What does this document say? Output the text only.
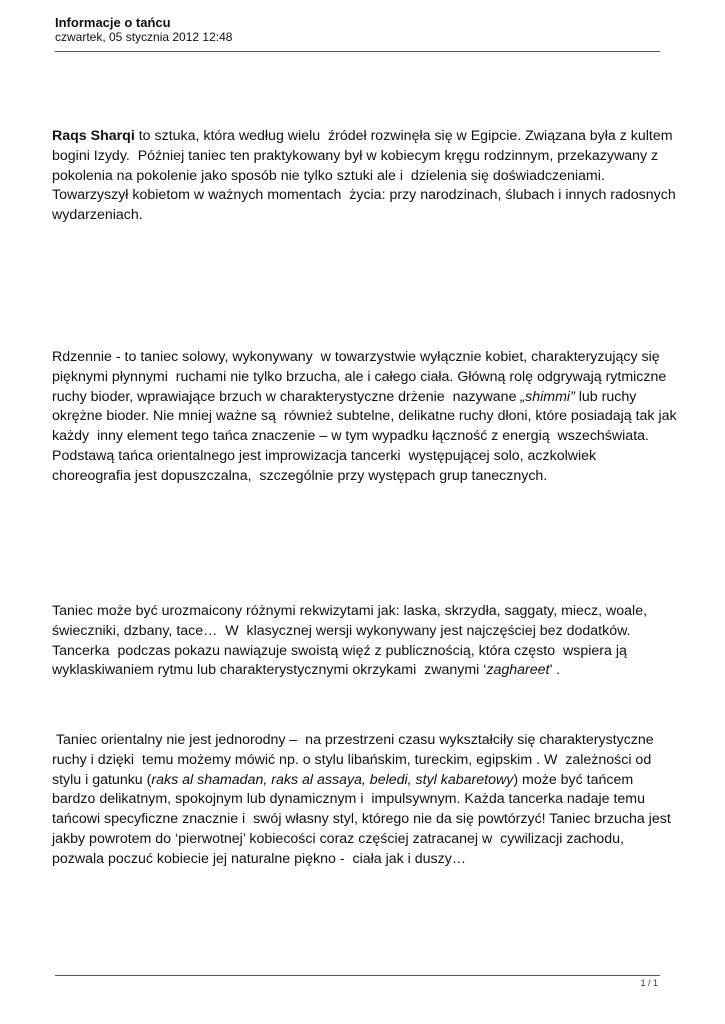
Informacje o tańcu

czwartek, 05 stycznia 2012 12:48

Raqs Sharqi to sztuka, która według wielu  źródeł rozwinęła się w Egipcie. Związana była z kultem bogini Izydy.  Później taniec ten praktykowany był w kobiecym kręgu rodzinnym, przekazywany z pokolenia na pokolenie jako sposób nie tylko sztuki ale i  dzielenia się doświadczeniami. Towarzyszył kobietom w ważnych momentach  życia: przy narodzinach, ślubach i innych radosnych wydarzeniach.

Rdzennie - to taniec solowy, wykonywany  w towarzystwie wyłącznie kobiet, charakteryzujący się pięknymi płynnymi  ruchami nie tylko brzucha, ale i całego ciała. Główną rolę odgrywają rytmiczne ruchy bioder, wprawiające brzuch w charakterystyczne drżenie  nazywane „shimmi” lub ruchy okrężne bioder. Nie mniej ważne są  również subtelne, delikatne ruchy dłoni, które posiadają tak jak każdy  inny element tego tańca znaczenie – w tym wypadku łączność z energią  wszechświata. Podstawą tańca orientalnego jest improwizacja tancerki  występującej solo, aczkolwiek choreografia jest dopuszczalna,  szczególnie przy występach grup tanecznych.

Taniec może być urozmaicony różnymi rekwizytami jak: laska, skrzydła, saggaty, miecz, woale, świeczniki, dzbany, tace…  W  klasycznej wersji wykonywany jest najczęściej bez dodatków. Tancerka  podczas pokazu nawiązuje swoistą więź z publicznością, która często  wspiera ją wyklaskiwaniem rytmu lub charakterystycznymi okrzykami  zwanymi ‘zaghareet’ .

Taniec orientalny nie jest jednorodny –  na przestrzeni czasu wykształciły się charakterystyczne ruchy i dzięki  temu możemy mówić np. o stylu libańskim, tureckim, egipskim . W  zależności od stylu i gatunku (raks al shamadan, raks al assaya, beledi, styl kabaretowy) może być tańcem bardzo delikatnym, spokojnym lub dynamicznym i  impulsywnym. Każda tancerka nadaje temu tańcowi specyficzne znacznie i  swój własny styl, którego nie da się powtórzyć! Taniec brzucha jest  jakby powrotem do ‘pierwotnej’ kobiecości coraz częściej zatracanej w  cywilizacji zachodu, pozwala poczuć kobiecie jej naturalne piękno -  ciała jak i duszy…

1 / 1
